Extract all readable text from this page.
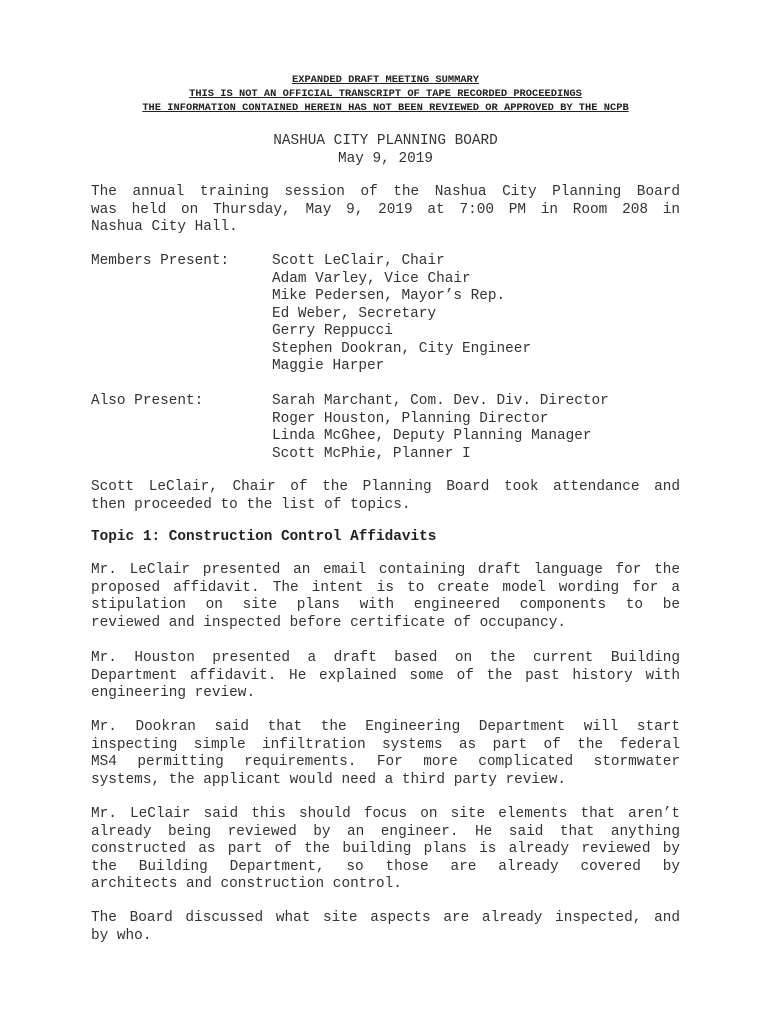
EXPANDED DRAFT MEETING SUMMARY
THIS IS NOT AN OFFICIAL TRANSCRIPT OF TAPE RECORDED PROCEEDINGS
THE INFORMATION CONTAINED HEREIN HAS NOT BEEN REVIEWED OR APPROVED BY THE NCPB
NASHUA CITY PLANNING BOARD
May 9, 2019
The annual training session of the Nashua City Planning Board
was held on Thursday, May 9, 2019 at 7:00 PM in Room 208 in
Nashua City Hall.
Members Present:	Scott LeClair, Chair
Adam Varley, Vice Chair
Mike Pedersen, Mayor’s Rep.
Ed Weber, Secretary
Gerry Reppucci
Stephen Dookran, City Engineer
Maggie Harper
Also Present:	Sarah Marchant, Com. Dev. Div. Director
Roger Houston, Planning Director
Linda McGhee, Deputy Planning Manager
Scott McPhie, Planner I
Scott LeClair, Chair of the Planning Board took attendance and
then proceeded to the list of topics.
Topic 1: Construction Control Affidavits
Mr. LeClair presented an email containing draft language for the
proposed affidavit. The intent is to create model wording for a
stipulation on site plans with engineered components to be
reviewed and inspected before certificate of occupancy.
Mr. Houston presented a draft based on the current Building
Department affidavit. He explained some of the past history with
engineering review.
Mr. Dookran said that the Engineering Department will start
inspecting simple infiltration systems as part of the federal
MS4 permitting requirements. For more complicated stormwater
systems, the applicant would need a third party review.
Mr. LeClair said this should focus on site elements that aren’t
already being reviewed by an engineer. He said that anything
constructed as part of the building plans is already reviewed by
the Building Department, so those are already covered by
architects and construction control.
The Board discussed what site aspects are already inspected, and
by who.
